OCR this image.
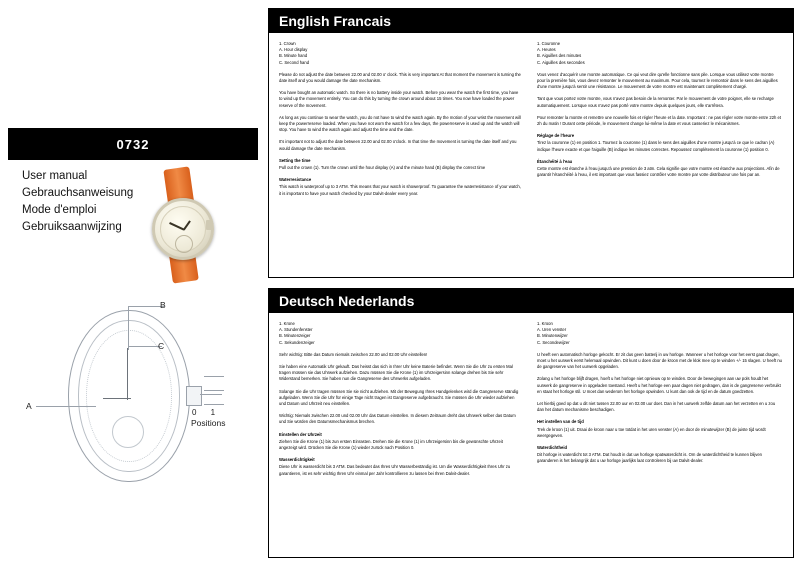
0732
User manual
Gebrauchsanweisung
Mode d'emploi
Gebruiksaanwijzing
A
B
C
0 1
Positions
English Francais
1. Crown
A. Hour display
B. Minute hand
C. Second hand
Please do not adjust the date between 22.00 and 02.00 o' clock. This is very important At that moment the movement is turning the date itself and you would damage the date mechanism.
You have bought an automatic watch. So there is no battery inside your watch. Before you wear the watch the first time, you have to wind up the movement entirely. You can do this by turning the crown around about 15 times. You now have loaded the power reserve of the movement.
As long as you continue to wear the watch, you do not have to wind the watch again. By the motion of your wrist the movement will keep the powerreserve loaded. When you have not worn the watch for a few days, the powerreserve is used up and the watch will stop. You have to wind the watch again and adjust the time and the date.
It's important not to adjust the date between 22.00 and 02.00 o'clock. In that time the movement is turning the date itself and you would damage the date mechanism.
Setting the time
Pull out the crown (1). Turn the crown until the hour display (A) and the minute hand (B) display the correct time
Waterresistance
This watch is waterproof up to 3 ATM. This means that your watch is showerproof. To guarantee the waterresistance of your watch, it is important to have your watch checked by your Dalvit-dealer every year.
1. Couronne
A. Heures
B. Aiguilles des minutes
C. Aiguilles des secondes
Vous venez d'acquérir une montre automatique. Ce qui veut dire qu'elle fonctionne sans pile. Lorsque vous utilisez votre montre pour la première fois, vous devez remonter le mouvement au maximum. Pour cela, tournez le remontoir dans le sens des aiguilles d'une montre jusqu'à sentir une résistance. Le mouvement de votre montre est maintenant complètement chargé.
Tant que vous portez votre montre, vous n'avez pas besoin de la remonter. Par le mouvement de votre poignet, elle se recharge automatiquement. Lorsque vous n'avez pas porté votre montre depuis quelques jours, elle s'arrêtera.
Pour remonter la montre et remettre une nouvelle fois et régler l'heure et la date. Important : ne pas régler votre montre entre 22h et 2h du matin ! Durant cette période, le mouvement change lui-même la date et vous casseriez le mécanismes.
Réglage de l'heure
Tirez la couronne (1) en position 1. Tournez la couronne (1) dans le sens des aiguilles d'une montre jusqu'à ce que le cadran (A) indique l'heure exacte et que l'aiguille (B) indique les minutes correctes. Repoussez complètement la couronne (1) position 0.
Étanchéité à l'eau
Cette montre est étanche à l'eau jusqu'à une pression de 3 atm. Cela signifie que votre montre est étanche aux projections. Afin de garantir l'étanchéité à l'eau, il est important que vous fassiez contrôler votre montre par votre distributeur une fois par an.
Deutsch Nederlands
1. Krone
A. Stundenfenster
B. Minutenzeiger
C. Sekundenzeiger
Sehr wichtig: Bitte das Datum niemals zwischen 22.00 und 02.00 Uhr einstellen!
Sie haben eine Automatik Uhr gekauft. Das heisst das sich in Ihrer Uhr keine Baterie befindet. Wenn Sie die Uhr zu ersten Mal tragen müssen sie das Uhrwerk aufziehen. Dazu müssen Sie die Krone (1) im Uhrzeigersinn solange drehen bis Sie sehr Widerstand bemerken. Sie haben nun die Gangreserve des Uhrwerks aufgeladen.
Solange Sie die Uhr tragen müssen Sie sie nicht aufziehen. Mit der Bewegung Ihres Handgelenkes wird die Gangreserve ständig aufgeladen. Wenn Sie die Uhr für einige Tage nicht tragen ist Gangreserve aufgebraucht. Sie müssen die Uhr wieder aufziehen und Datum und Uhrzeit neu einstellen.
Wichtig: Niemals zwischen 22.00 und 02.00 Uhr das Datum einstellen. In diesem Zeitraum dreht das Uhrwerk selber das Datum und Sie würden den Datumsmechanismus brechen.
Einstellen der Uhrzeit
Ziehen Sie die Krone (1) bis zun ersten Einrasten. Drehen Sie die Krone (1) im Uhrzeigersinn bis die gewünschte Uhrzeit angezeigt wird. Drücken Sie die Krone (1) wieder zurück nach Position 0.
Wasserdichtigkeit
Diese Uhr is wasserdicht bis 3 ATM. Das bedeutet das Ihres Uhr Wasserbeständig ist. Um die Wasserdichtigkeit Ihres Uhr zu garantieren, ist es sehr wichtig Ihren Uhr einmal per Jahr kontrollieren zu lassen bei Ihren Dalvit-dealer.
1. Kroon
A. Uren venster
B. Minutenwijzer
C. Secondewijzer
U heeft een automatisch horloge gekocht. Er zit dus geen batterij in uw horloge. Wanneer u het horloge voor het eerst gaat dragen, moet u het uurwerk eerst helemaal opwinden. Dit kunt u doen door de kroon met de klok mee op te winden +/- 15 slagen. U heeft nu de gangreserve van het uurwerk opgeladen.
Zolang u het horloge blijft dragen, hoeft u het horloge niet opnieuw op te winden. Door de bewegingen aan uw pols houdt het uurwerk de gangreserve in opgeladen toestand. Heeft u het horloge een paar dagen niet gedragen, dan is de gangreserve verbruikt en staat het horloge stil. U moet dan wederom het horloge opwinden. U kunt dan ook de tijd en de datum goedzetten.
Let hierbij goed op dat u dit niet tussen 22.00 uur en 02.00 uur doet. Dan in het uurwerk zelfde datum aan het verzetten en u zou dan het datum mechanisme beschadigen.
Het instellen van de tijd
Trek de kroon (1) uit. Draai de kroon naar u toe totdat in het uren venster (A) en door de minutewijzer (B) de juiste tijd wordt weergegeven.
Waterdichtheid
Dit horloge is waterdicht tot 3 ATM. Dat houdt in dat uw horloge spatwaterdicht is. Om de waterdichtheid te kunnen blijven garanderen is het belangrijk dat u uw horloge jaarlijks laat controleren bij uw Dalvit-dealer.
